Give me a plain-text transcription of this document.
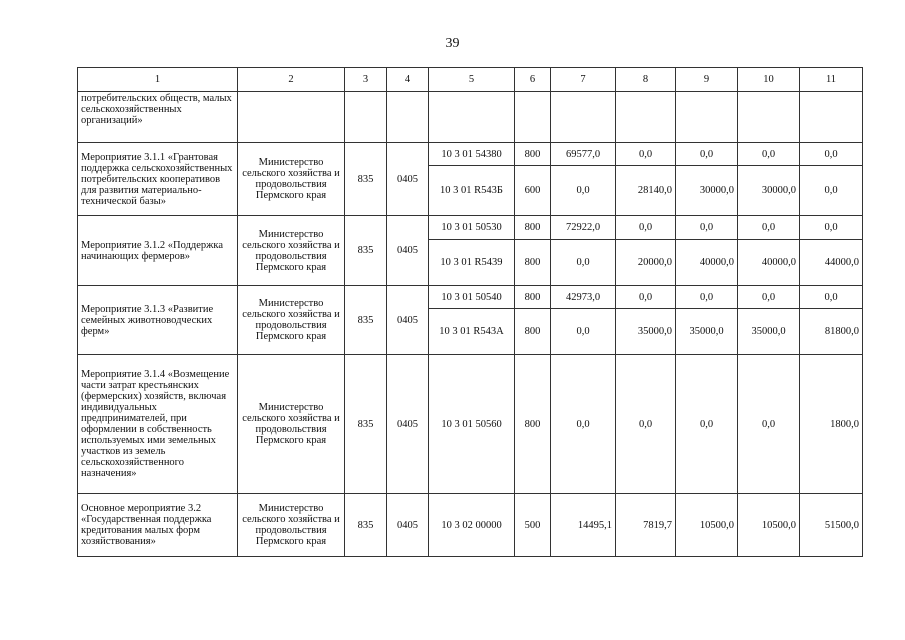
39
1	2	3	4	5	6	7	8	9	10	11
потребительских обществ, малых сельскохозяйственных организаций»										
Мероприятие 3.1.1 «Грантовая поддержка сельскохозяйственных потребительских кооперативов для развития материально-технической базы»	Министерство сельского хозяйства и продовольствия Пермского края	835	0405	10 3 01 54380	800	69577,0	0,0	0,0	0,0	0,0
				10 3 01 R543Б	600	0,0	28140,0	30000,0	30000,0	0,0
Мероприятие 3.1.2 «Поддержка начинающих фермеров»	Министерство сельского хозяйства и продовольствия Пермского края	835	0405	10 3 01 50530	800	72922,0	0,0	0,0	0,0	0,0
				10 3 01 R5439	800	0,0	20000,0	40000,0	40000,0	44000,0
Мероприятие 3.1.3 «Развитие семейных животноводческих ферм»	Министерство сельского хозяйства и продовольствия Пермского края	835	0405	10 3 01 50540	800	42973,0	0,0	0,0	0,0	0,0
				10 3 01 R543A	800	0,0	35000,0	35000,0	35000,0	81800,0
Мероприятие 3.1.4 «Возмещение части затрат крестьянских (фермерских) хозяйств, включая индивидуальных предпринимателей, при оформлении в собственность используемых ими земельных участков из земель сельскохозяйственного назначения»	Министерство сельского хозяйства и продовольствия Пермского края	835	0405	10 3 01 50560	800	0,0	0,0	0,0	0,0	1800,0
Основное мероприятие 3.2 «Государственная поддержка кредитования малых форм хозяйствования»	Министерство сельского хозяйства и продовольствия Пермского края	835	0405	10 3 02 00000	500	14495,1	7819,7	10500,0	10500,0	51500,0
